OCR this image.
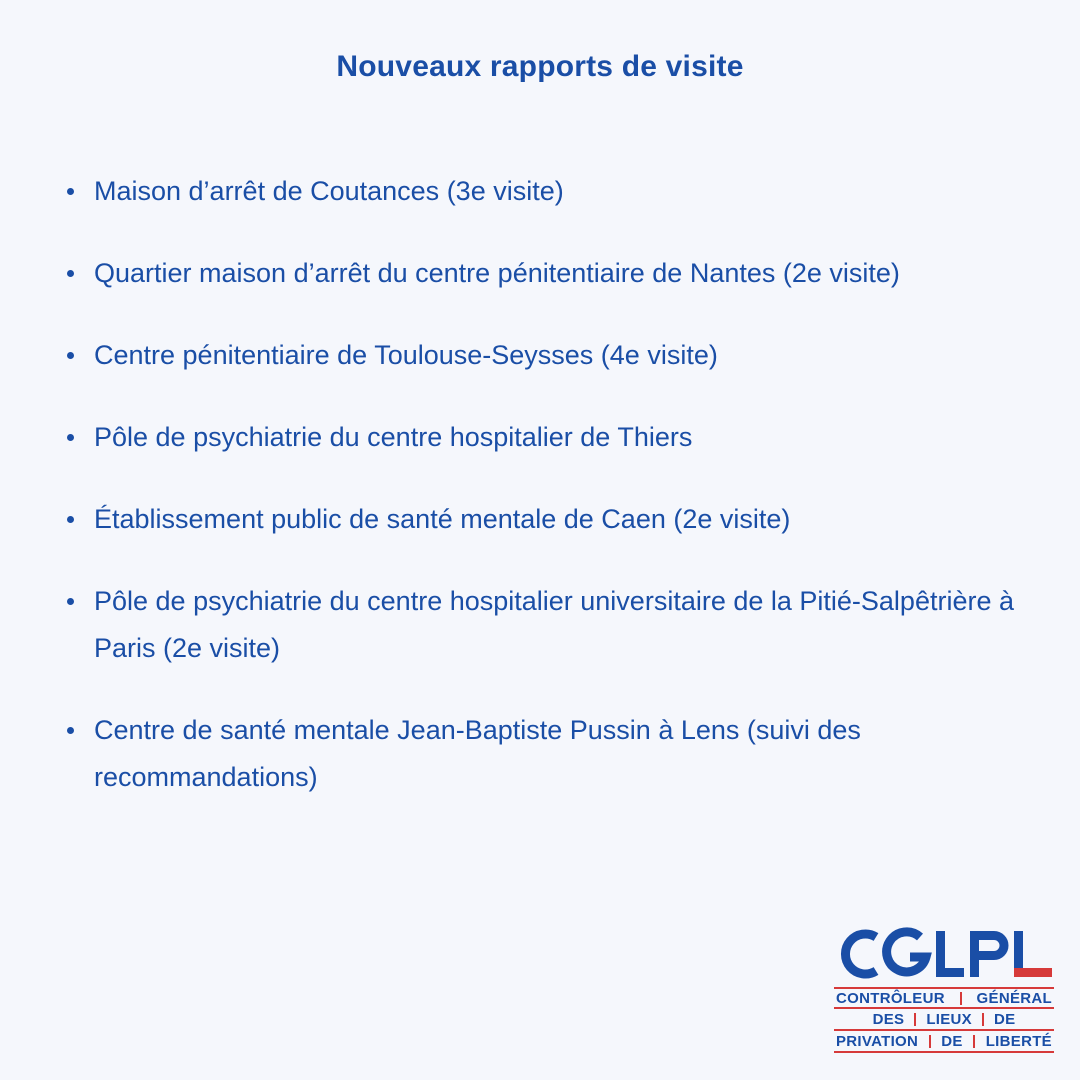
Nouveaux rapports de visite
Maison d’arrêt de Coutances (3e visite)
Quartier maison d’arrêt du centre pénitentiaire de Nantes (2e visite)
Centre pénitentiaire de Toulouse-Seysses (4e visite)
Pôle de psychiatrie du centre hospitalier de Thiers
Établissement public de santé mentale de Caen (2e visite)
Pôle de psychiatrie du centre hospitalier universitaire de la Pitié-Salpêtrière à Paris (2e visite)
Centre de santé mentale Jean-Baptiste Pussin à Lens (suivi des recommandations)
CONTRÔLEUR GÉNÉRAL
DES LIEUX DE
PRIVATION DE LIBERTÉ
